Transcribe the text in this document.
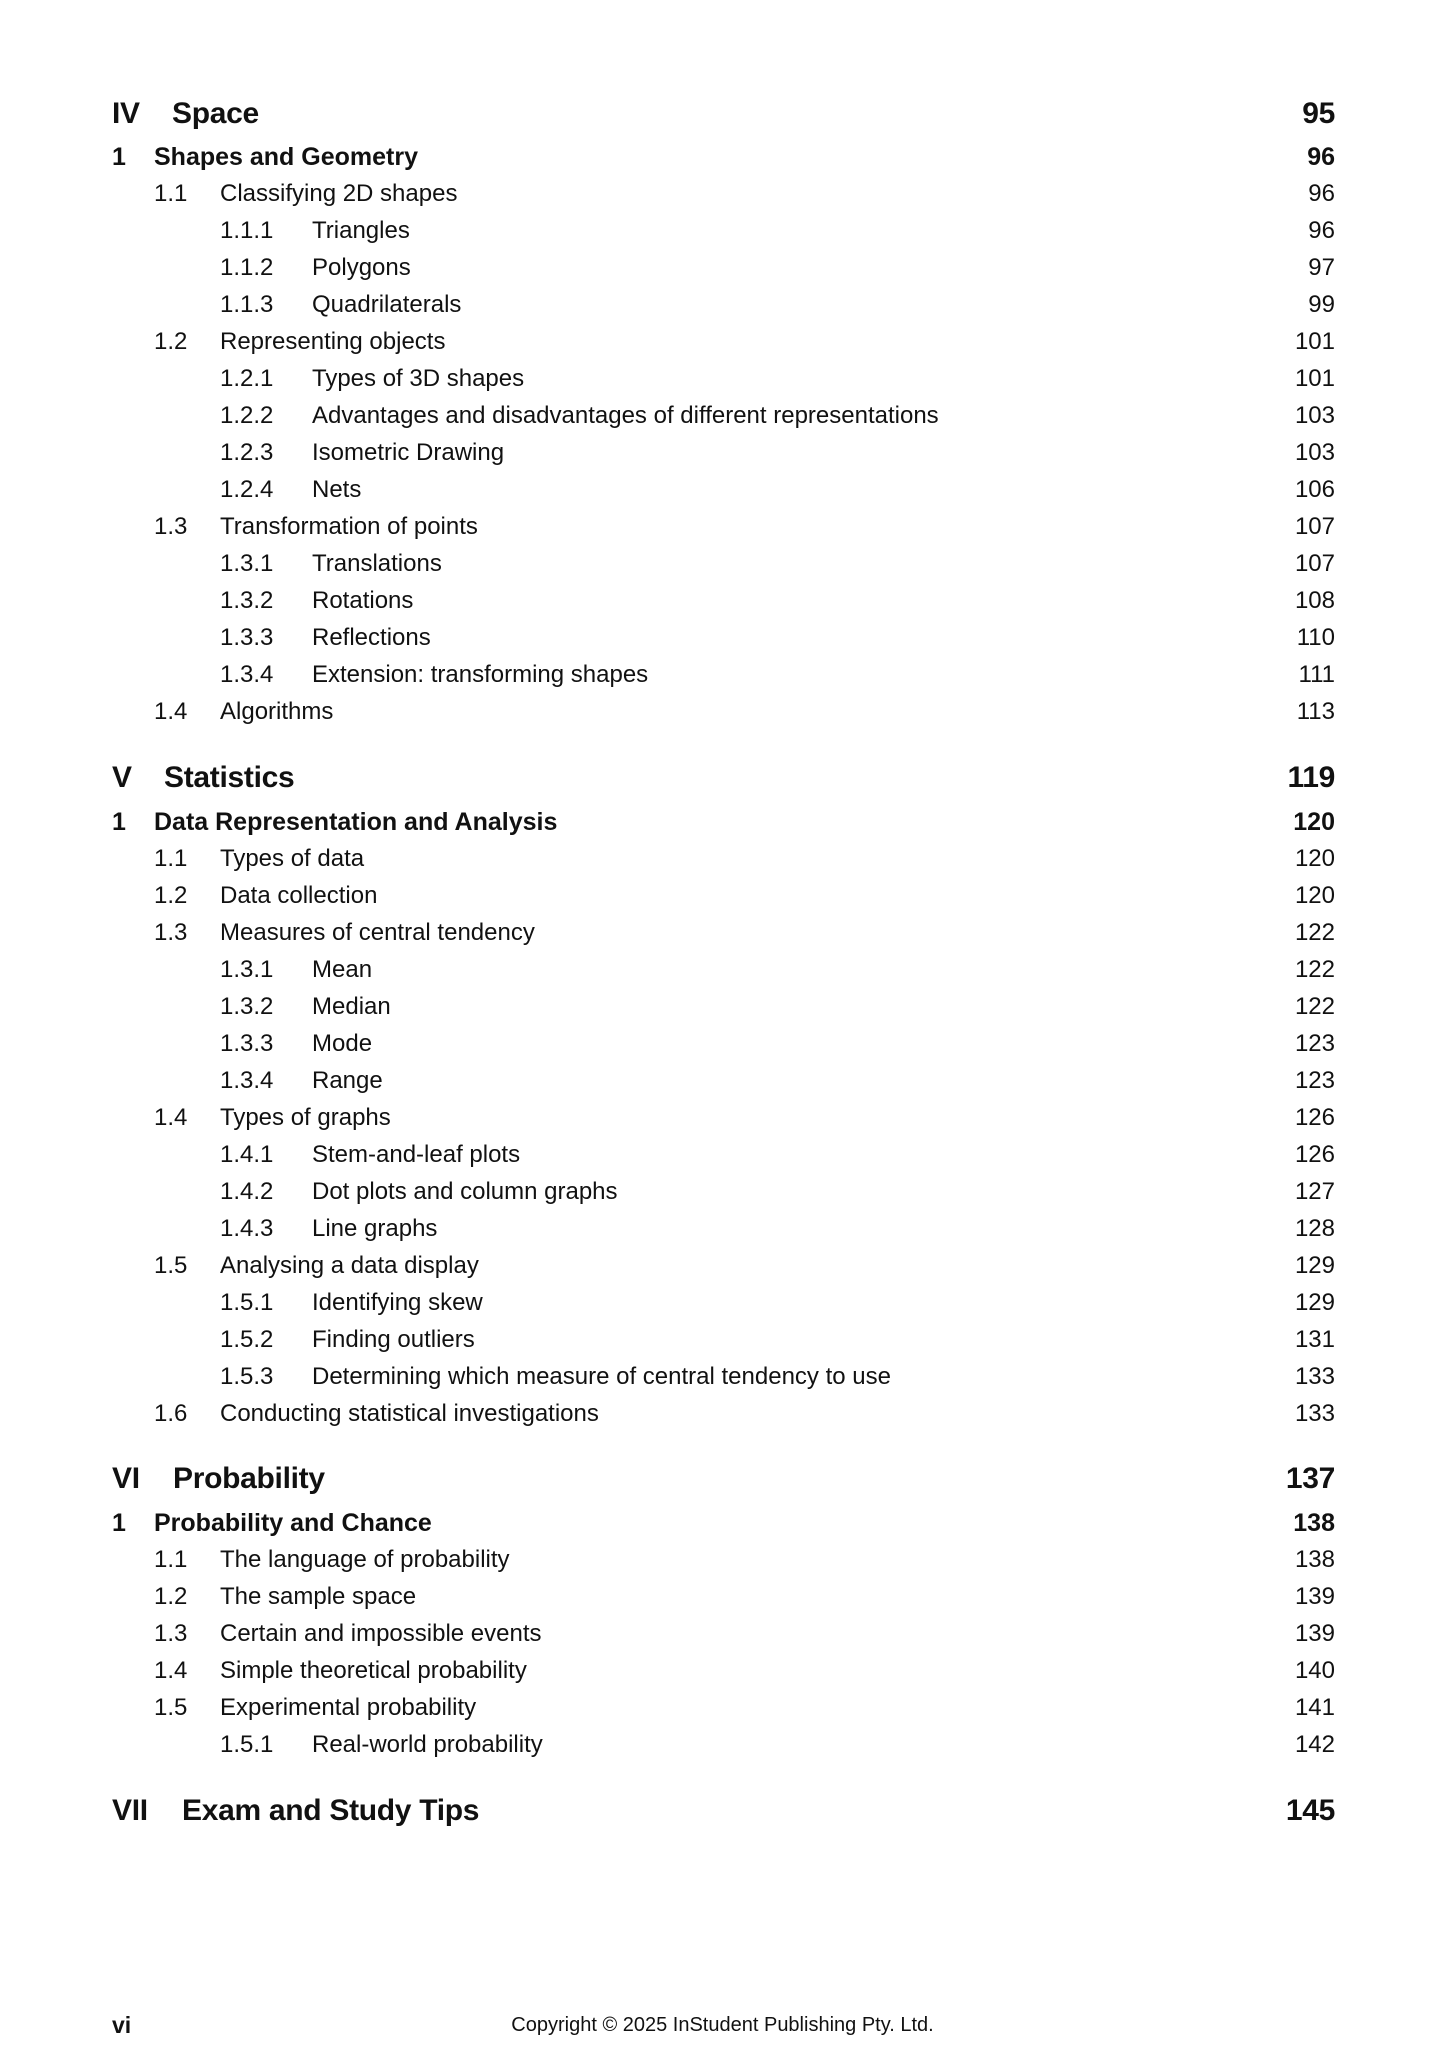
IV Space	95
1 Shapes and Geometry	96
1.1 Classifying 2D shapes	96
1.1.1 Triangles	96
1.1.2 Polygons	97
1.1.3 Quadrilaterals	99
1.2 Representing objects	101
1.2.1 Types of 3D shapes	101
1.2.2 Advantages and disadvantages of different representations	103
1.2.3 Isometric Drawing	103
1.2.4 Nets	106
1.3 Transformation of points	107
1.3.1 Translations	107
1.3.2 Rotations	108
1.3.3 Reflections	110
1.3.4 Extension: transforming shapes	111
1.4 Algorithms	113
V Statistics	119
1 Data Representation and Analysis	120
1.1 Types of data	120
1.2 Data collection	120
1.3 Measures of central tendency	122
1.3.1 Mean	122
1.3.2 Median	122
1.3.3 Mode	123
1.3.4 Range	123
1.4 Types of graphs	126
1.4.1 Stem-and-leaf plots	126
1.4.2 Dot plots and column graphs	127
1.4.3 Line graphs	128
1.5 Analysing a data display	129
1.5.1 Identifying skew	129
1.5.2 Finding outliers	131
1.5.3 Determining which measure of central tendency to use	133
1.6 Conducting statistical investigations	133
VI Probability	137
1 Probability and Chance	138
1.1 The language of probability	138
1.2 The sample space	139
1.3 Certain and impossible events	139
1.4 Simple theoretical probability	140
1.5 Experimental probability	141
1.5.1 Real-world probability	142
VII Exam and Study Tips	145
vi	Copyright © 2025 InStudent Publishing Pty. Ltd.
